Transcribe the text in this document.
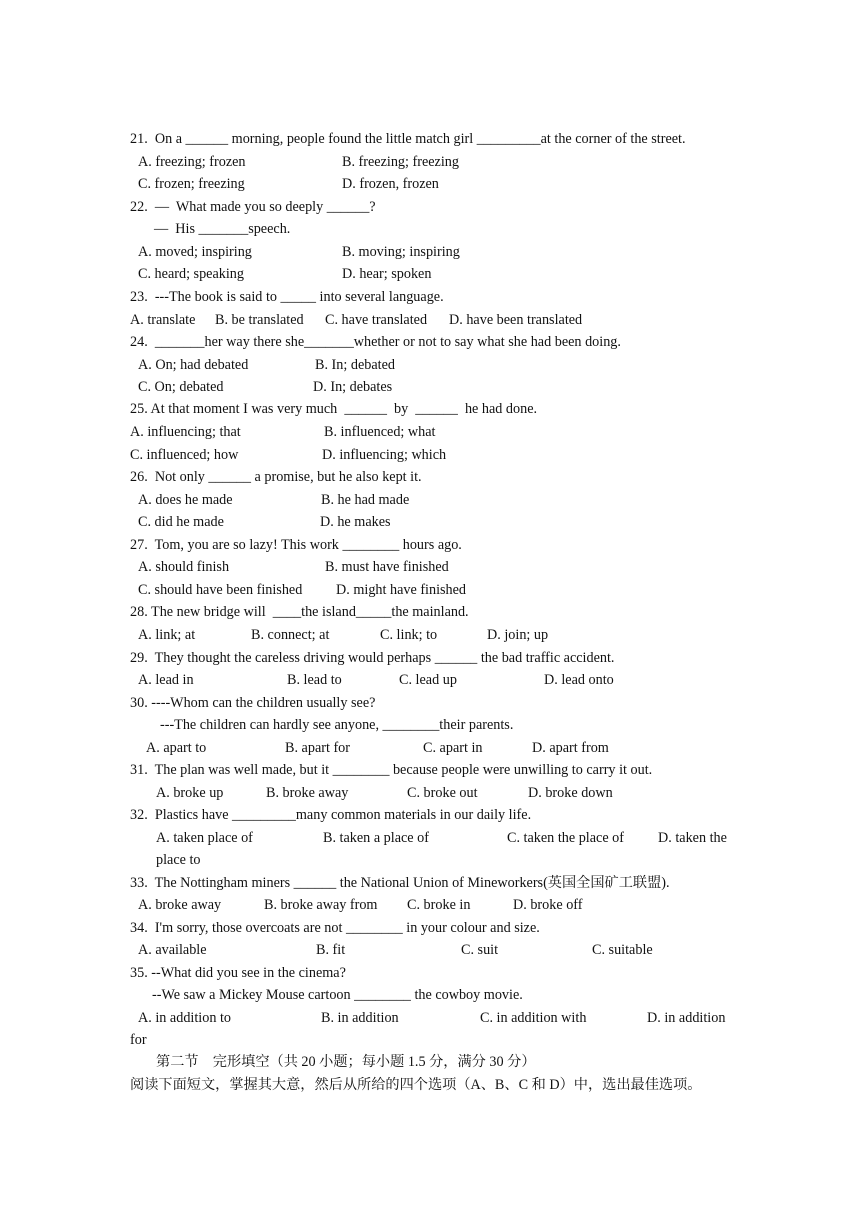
21.  On a ______ morning, people found the little match girl _________at the corner of the street.
A. freezing; frozen	B. freezing; freezing
C. frozen; freezing	D. frozen, frozen
22.  —  What made you so deeply ______?
—  His _______speech.
A. moved; inspiring	B. moving; inspiring
C. heard; speaking	D. hear; spoken
23.  ---The book is said to _____ into several language.
A. translate B. be translated C. have translated D. have been translated
24.  _______her way there she_______whether or not to say what she had been doing.
A. On; had debated	B. In; debated
C. On; debated	D. In; debates
25. At that moment I was very much  ______  by  ______  he had done.
A. influencing; that	B. influenced; what
C. influenced; how	D. influencing; which
26.  Not only ______ a promise, but he also kept it.
A. does he made	B. he had made
C. did he made	D. he makes
27.  Tom, you are so lazy! This work ________ hours ago.
A. should finish	B. must have finished
C. should have been finished D. might have finished
28. The new bridge will  ____the island_____the mainland.
A. link; at	B. connect; at	C. link; to	D. join; up
29.  They thought the careless driving would perhaps ______ the bad traffic accident.
A. lead in	B. lead to	C. lead up	D. lead onto
30. ----Whom can the children usually see?
---The children can hardly see anyone, ________their parents.
A. apart to	B. apart for	C. apart in	D. apart from
31.  The plan was well made, but it ________ because people were unwilling to carry it out.
A. broke up	B. broke away	C. broke out	D. broke down
32.  Plastics have _________many common materials in our daily life.
A. taken place of	B. taken a place of	C. taken the place of D. taken the
place to
33.  The Nottingham miners ______ the National Union of Mineworkers(英国全国矿工联盟).
A. broke away	B. broke away from C. broke in	D. broke off
34.  I'm sorry, those overcoats are not ________ in your colour and size.
A. available	B. fit	C. suit	C. suitable
35. --What did you see in the cinema?
--We saw a Mickey Mouse cartoon ________ the cowboy movie.
A. in addition to	B. in addition	C. in addition with	D. in addition
for
第二节    完形填空（共 20 小题；每小题 1.5 分，满分 30 分）
阅读下面短文，掌握其大意，然后从所给的四个选项（A、B、C 和 D）中，选出最佳选项。
